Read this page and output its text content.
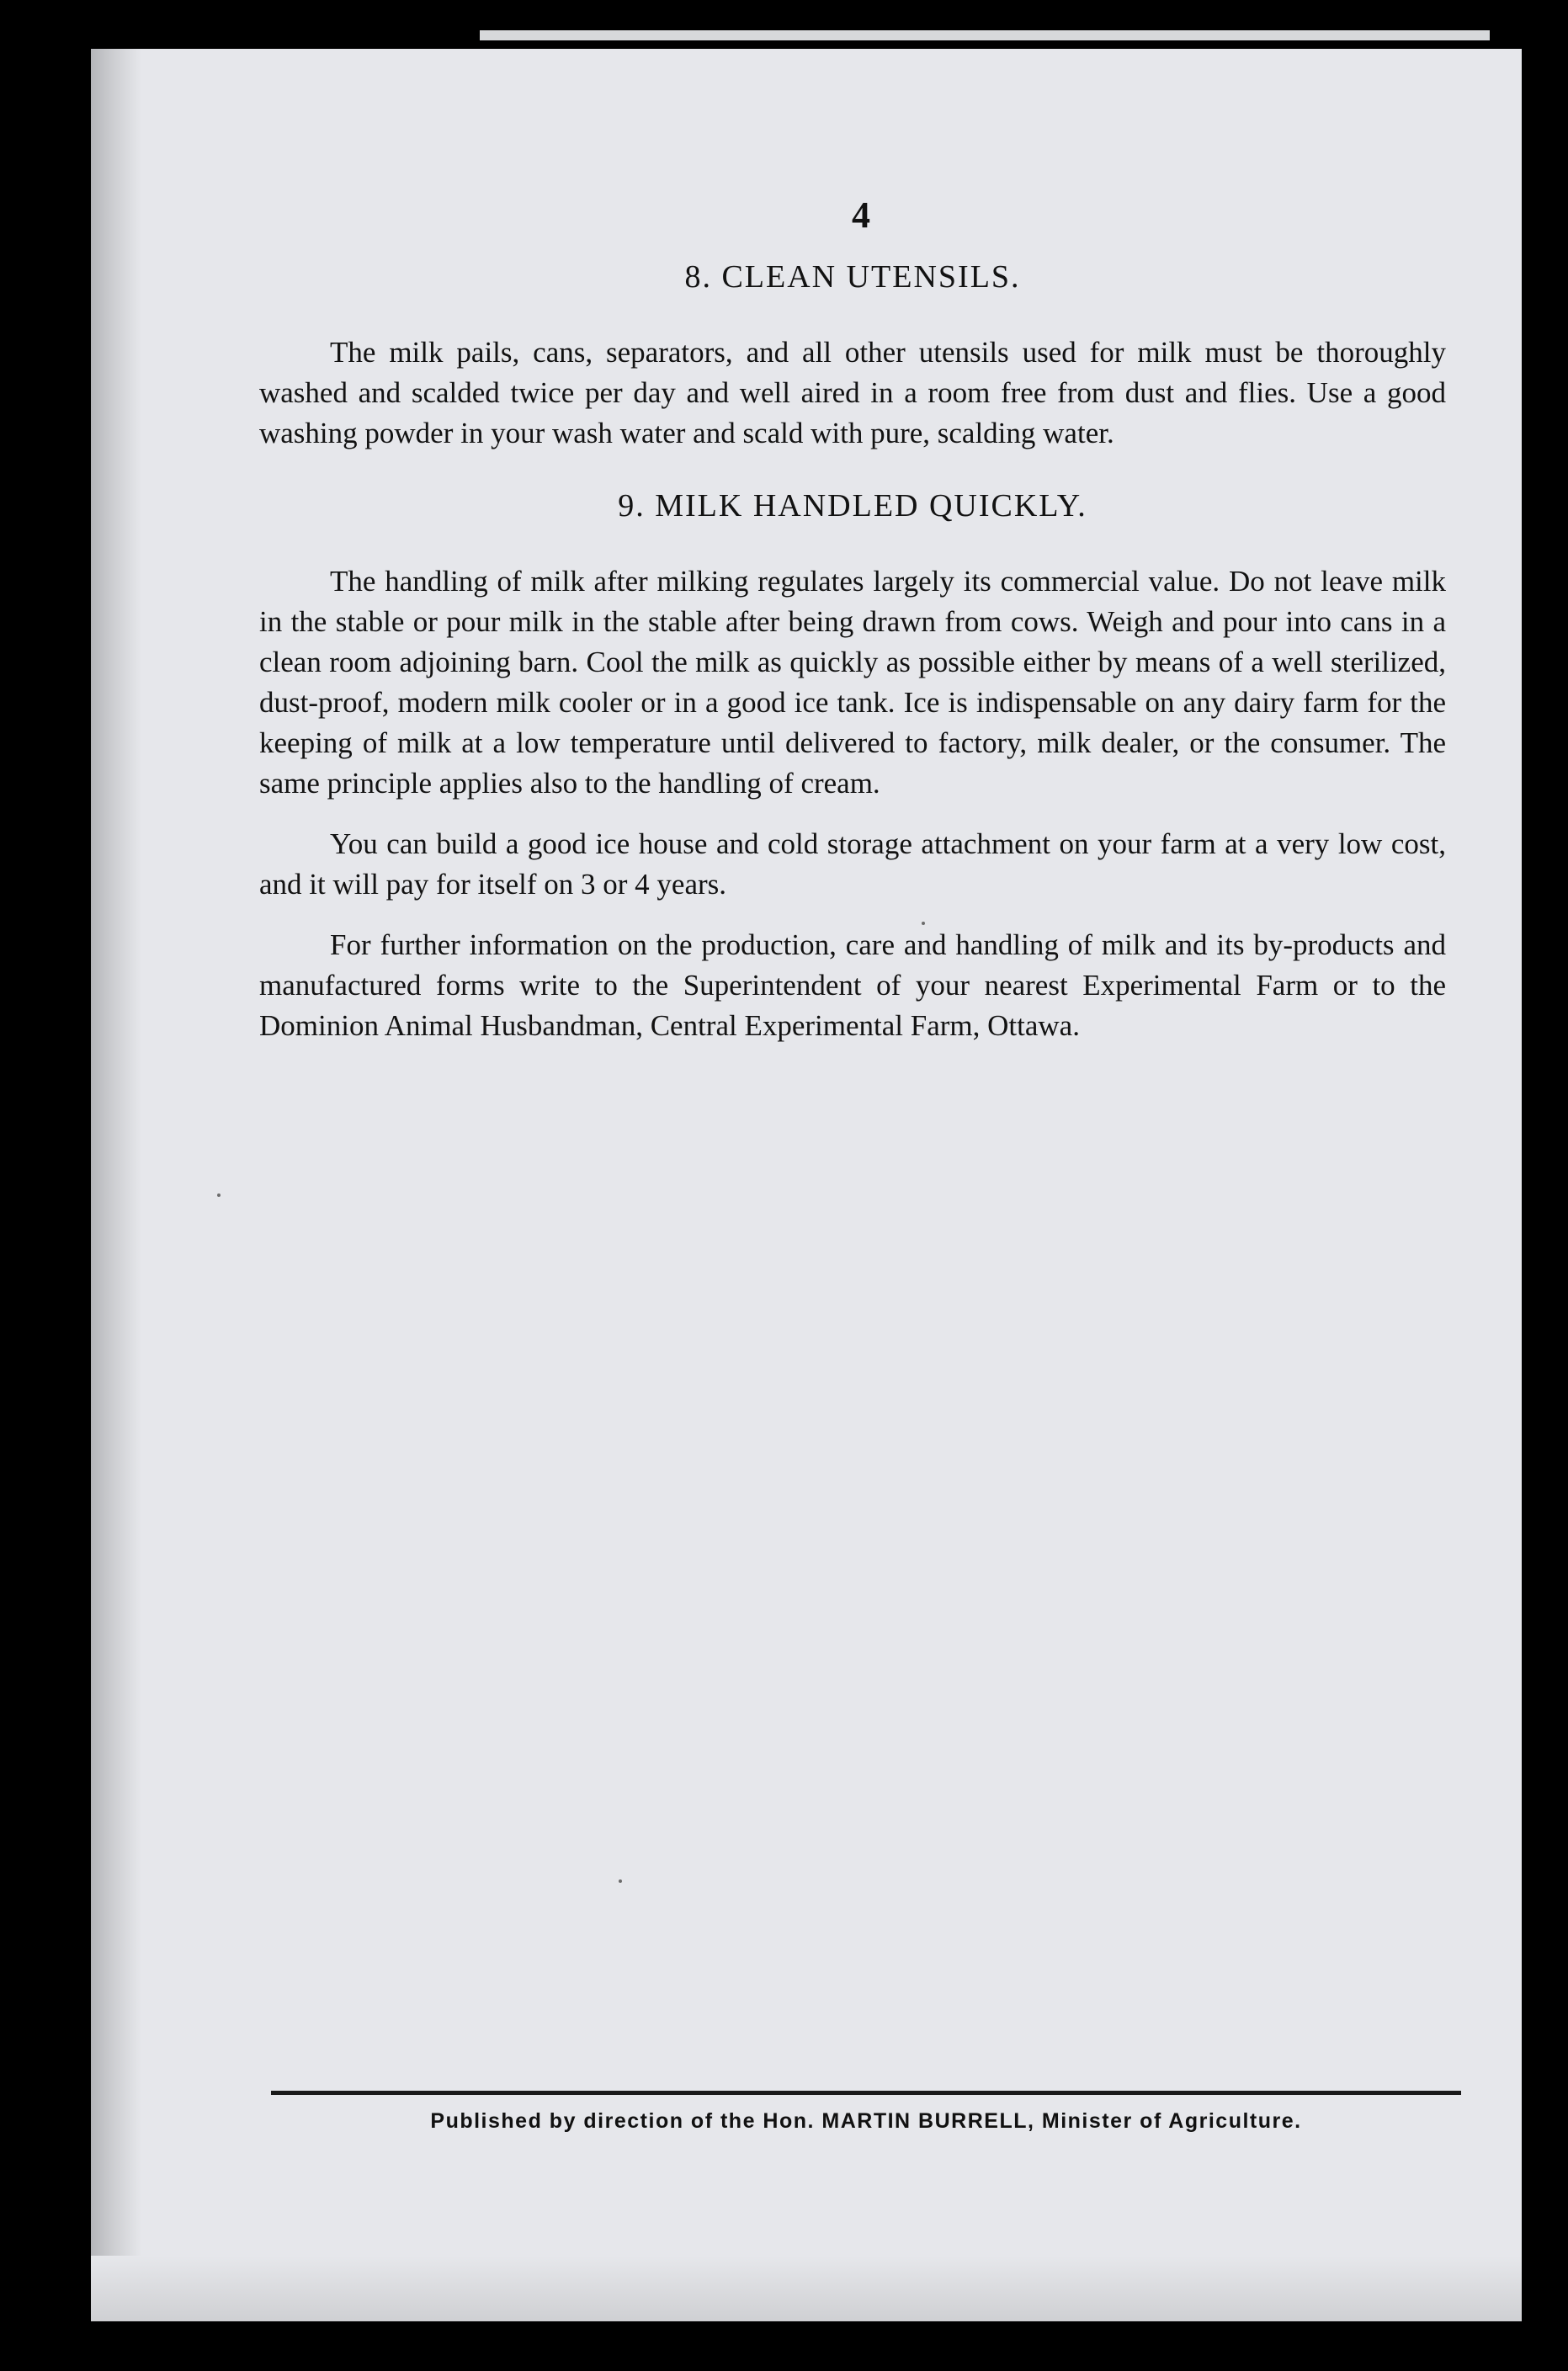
4
8. CLEAN UTENSILS.

The milk pails, cans, separators, and all other utensils used for milk must be thoroughly washed and scalded twice per day and well aired in a room free from dust and flies. Use a good washing powder in your wash water and scald with pure, scalding water.

9. MILK HANDLED QUICKLY.

The handling of milk after milking regulates largely its commercial value. Do not leave milk in the stable or pour milk in the stable after being drawn from cows. Weigh and pour into cans in a clean room adjoining barn. Cool the milk as quickly as possible either by means of a well sterilized, dust-proof, modern milk cooler or in a good ice tank. Ice is indispensable on any dairy farm for the keeping of milk at a low temperature until delivered to factory, milk dealer, or the consumer. The same principle applies also to the handling of cream.

You can build a good ice house and cold storage attachment on your farm at a very low cost, and it will pay for itself on 3 or 4 years.

For further information on the production, care and handling of milk and its by-products and manufactured forms write to the Superintendent of your nearest Experimental Farm or to the Dominion Animal Husbandman, Central Experimental Farm, Ottawa.

Published by direction of the Hon. MARTIN BURRELL, Minister of Agriculture.
